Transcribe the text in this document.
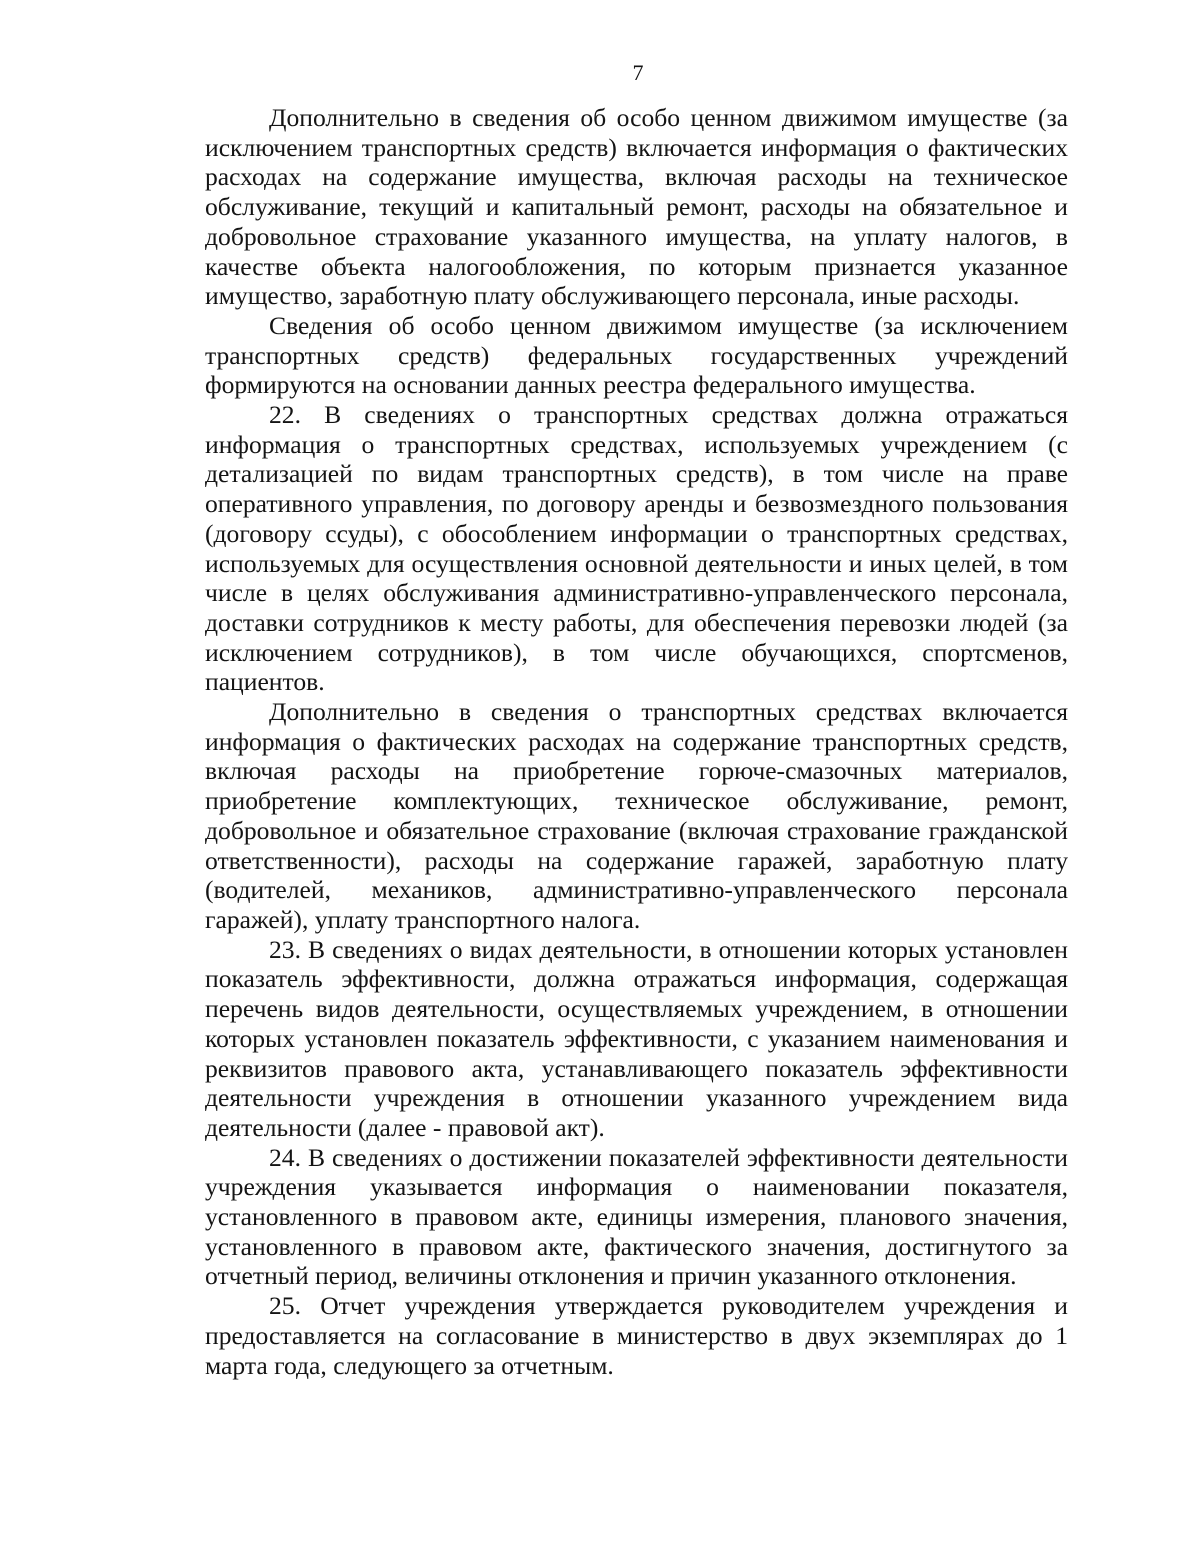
7

Дополнительно в сведения об особо ценном движимом имуществе (за исключением транспортных средств) включается информация о фактических расходах на содержание имущества, включая расходы на техническое обслуживание, текущий и капитальный ремонт, расходы на обязательное и добровольное страхование указанного имущества, на уплату налогов, в качестве объекта налогообложения, по которым признается указанное имущество, заработную плату обслуживающего персонала, иные расходы.

Сведения об особо ценном движимом имуществе (за исключением транспортных средств) федеральных государственных учреждений формируются на основании данных реестра федерального имущества.

22. В сведениях о транспортных средствах должна отражаться информация о транспортных средствах, используемых учреждением (с детализацией по видам транспортных средств), в том числе на праве оперативного управления, по договору аренды и безвозмездного пользования (договору ссуды), с обособлением информации о транспортных средствах, используемых для осуществления основной деятельности и иных целей, в том числе в целях обслуживания административно-управленческого персонала, доставки сотрудников к месту работы, для обеспечения перевозки людей (за исключением сотрудников), в том числе обучающихся, спортсменов, пациентов.

Дополнительно в сведения о транспортных средствах включается информация о фактических расходах на содержание транспортных средств, включая расходы на приобретение горюче-смазочных материалов, приобретение комплектующих, техническое обслуживание, ремонт, добровольное и обязательное страхование (включая страхование гражданской ответственности), расходы на содержание гаражей, заработную плату (водителей, механиков, административно-управленческого персонала гаражей), уплату транспортного налога.

23. В сведениях о видах деятельности, в отношении которых установлен показатель эффективности, должна отражаться информация, содержащая перечень видов деятельности, осуществляемых учреждением, в отношении которых установлен показатель эффективности, с указанием наименования и реквизитов правового акта, устанавливающего показатель эффективности деятельности учреждения в отношении указанного учреждением вида деятельности (далее - правовой акт).

24. В сведениях о достижении показателей эффективности деятельности учреждения указывается информация о наименовании показателя, установленного в правовом акте, единицы измерения, планового значения, установленного в правовом акте, фактического значения, достигнутого за отчетный период, величины отклонения и причин указанного отклонения.

25. Отчет учреждения утверждается руководителем учреждения и предоставляется на согласование в министерство в двух экземплярах до 1 марта года, следующего за отчетным.
